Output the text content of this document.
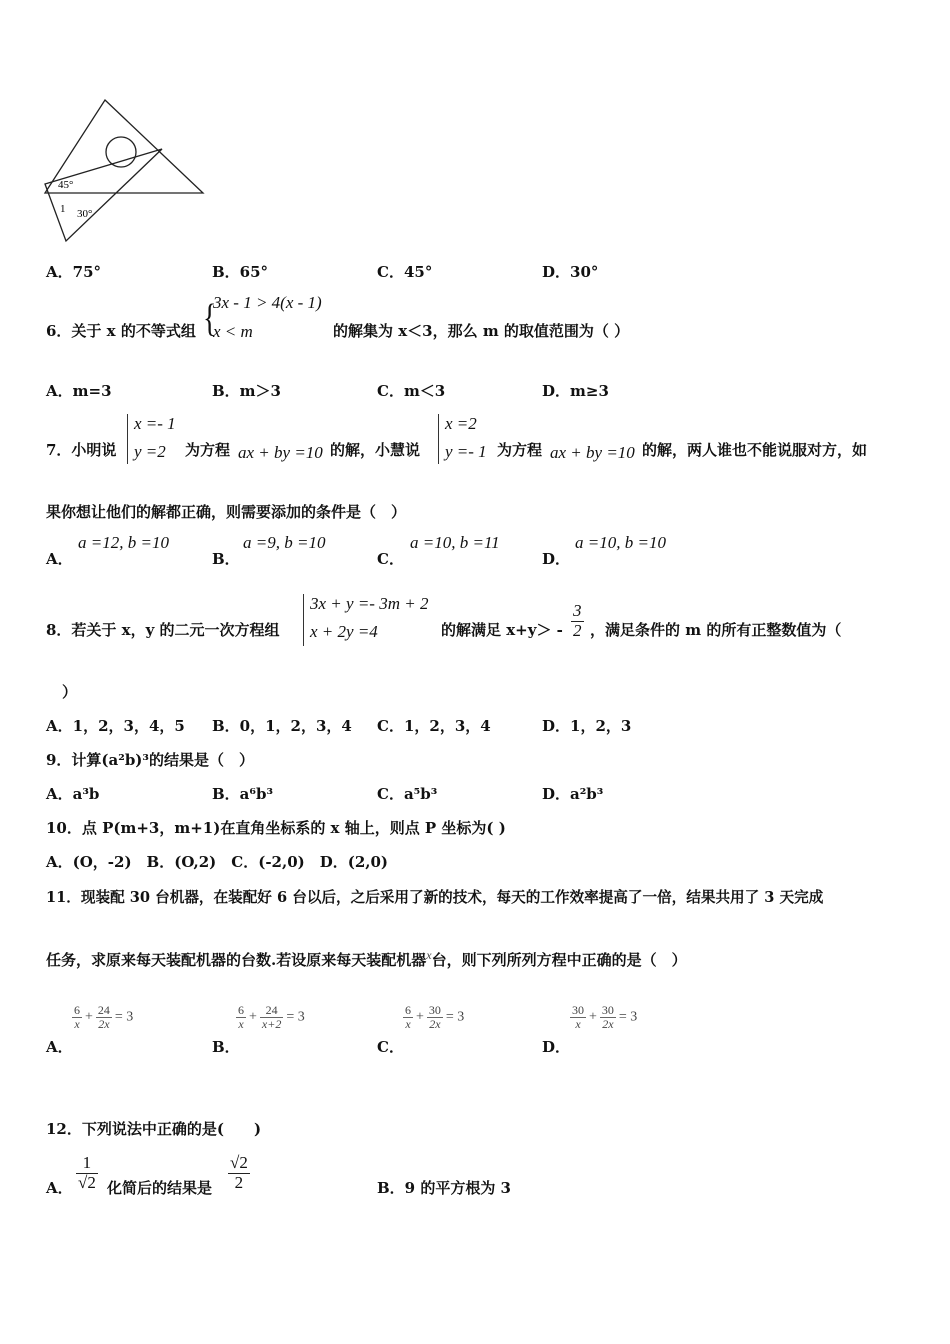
45°
1 30°
A．75°	B．65°	C．45°	D．30°
6．关于 x 的不等式组 {
3x - 1 > 4(x - 1)
x < m	的解集为 x＜3，那么 m 的取值范围为（ ）
A．m=3	B．m＞3	C．m＜3	D．m≥3
7．小明说
x =- 1
y =2 为方程 ax + by =10 的解，小慧说
x =2
y =- 1 为方程 ax + by =10 的解，两人谁也不能说服对方，如
果你想让他们的解都正确，则需要添加的条件是（　）
A．
a =12, b =10
B．
a =9, b =10
C．
a =10, b =11
D．
a =10, b =10
8．若关于 x，y 的二元一次方程组
3x + y =- 3m + 2
x + 2y =4	的解满足 $x+y> - \frac{3}{2}$ ，满足条件的 m 的所有正整数值为（
）
A．1，2，3，4，5 B．0，1，2，3，4 C．1，2，3，4	D．1，2，3
9．计算(a²b)³的结果是（　）
A．a³b	B．a⁶b³	C．a⁵b³	D．a²b³
10．点 P(m+3，m+1)在直角坐标系的 x 轴上，则点 P 坐标为( )
A．(O，-2)　B．(O,2)　C．(-2,0)　D．(2,0)
11．现装配 30 台机器，在装配好 6 台以后，之后采用了新的技术，每天的工作效率提高了一倍，结果共用了 3 天完成
任务，求原来每天装配机器的台数.若设原来每天装配机器$^x$台，则下列所列方程中正确的是（　）
A．
$\frac{6}{x} + \frac{24}{2x} = 3$
B．
$\frac{6}{x} + \frac{24}{x+2} = 3$
C．
$\frac{6}{x} + \frac{30}{2x} = 3$
D．
$\frac{30}{x} + \frac{30}{2x} = 3$
12．下列说法中正确的是(　　)
A． $\frac{1}{√2}$ 化简后的结果是 $\frac{√2}{2}$	B．9 的平方根为 3
